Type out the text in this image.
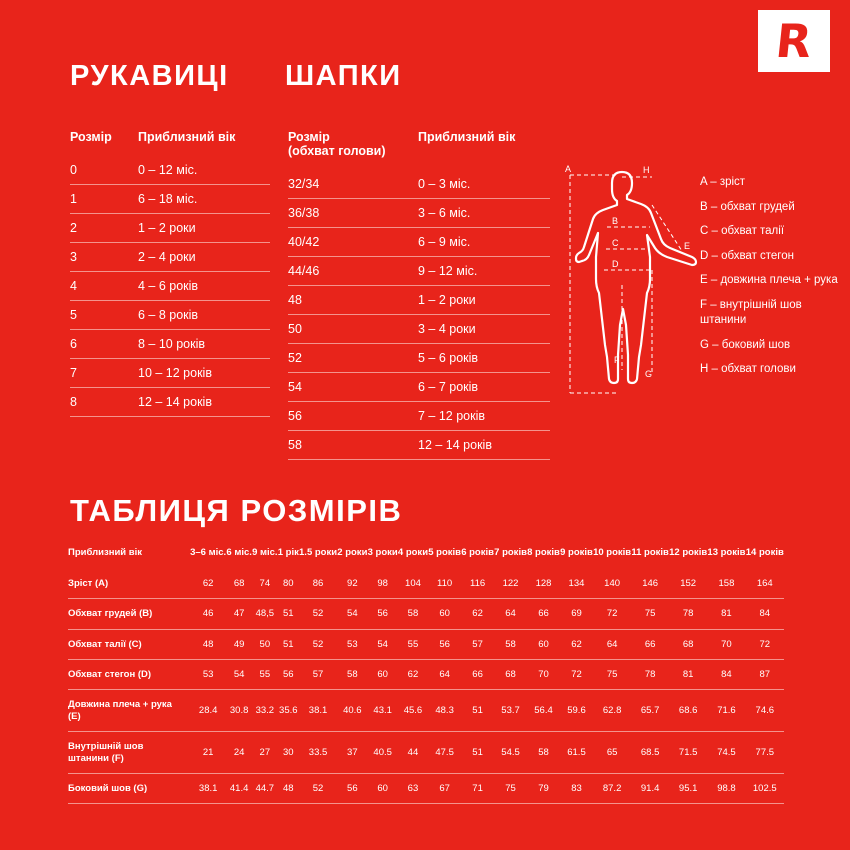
R
РУКАВИЦІ	ШАПКИ
Розмір	Приблизний вік
0	0 – 12 міс.
1	6 – 18 міс.
2	1 – 2 роки
3	2 – 4 роки
4	4 – 6 років
5	6 – 8 років
6	8 – 10 років
7	10 – 12 років
8	12 – 14 років
Розмір
(обхват голови)	Приблизний вік
32/34	0 – 3 міс.
36/38	3 – 6 міс.
40/42	6 – 9 міс.
44/46	9 – 12 міс.
48	1 – 2 роки
50	3 – 4 роки
52	5 – 6 років
54	6 – 7 років
56	7 – 12 років
58	12 – 14 років
A	H
B
C
D
E
F
G
A – зріст
B – обхват грудей
C – обхват талії
D – обхват стегон
E – довжина плеча + рука
F – внутрішній шов штанини
G – боковий шов
H – обхват голови
ТАБЛИЦЯ РОЗМІРІВ
Приблизний вік	3–6 міс.	6 міс.	9 міс.	1 рік	1.5 роки	2 роки	3 роки	4 роки	5 років	6 років	7 років	8 років	9 років	10 років	11 років	12 років	13 років	14 років
Зріст (A)	62	68	74	80	86	92	98	104	110	116	122	128	134	140	146	152	158	164
Обхват грудей (B)	46	47	48,5	51	52	54	56	58	60	62	64	66	69	72	75	78	81	84
Обхват талії (C)	48	49	50	51	52	53	54	55	56	57	58	60	62	64	66	68	70	72
Обхват стегон (D)	53	54	55	56	57	58	60	62	64	66	68	70	72	75	78	81	84	87
Довжина плеча + рука (E)	28.4	30.8	33.2	35.6	38.1	40.6	43.1	45.6	48.3	51	53.7	56.4	59.6	62.8	65.7	68.6	71.6	74.6
Внутрішній шов штанини (F)	21	24	27	30	33.5	37	40.5	44	47.5	51	54.5	58	61.5	65	68.5	71.5	74.5	77.5
Боковий шов (G)	38.1	41.4	44.7	48	52	56	60	63	67	71	75	79	83	87.2	91.4	95.1	98.8	102.5
